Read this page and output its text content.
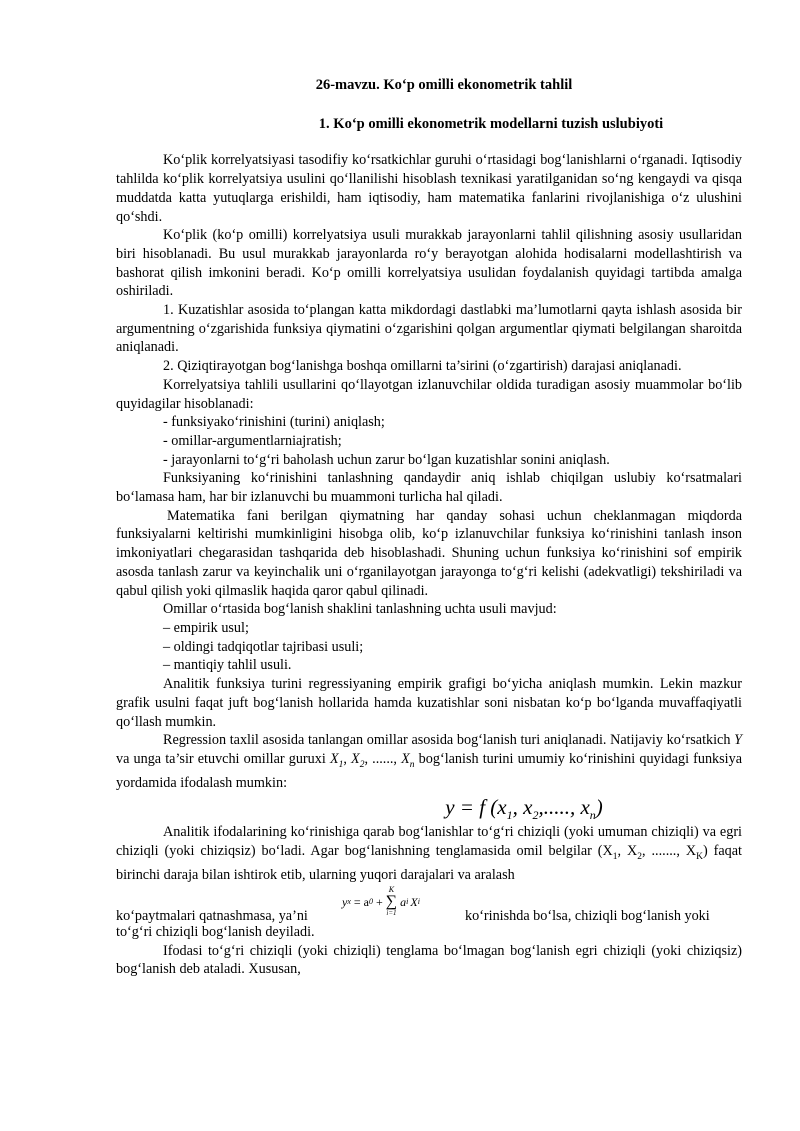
26-mavzu. Ko‘p omilli ekonometrik tahlil
1. Ko‘p omilli ekonometrik modellarni tuzish uslubiyoti

Ko‘plik korrelyatsiyasi tasodifiy ko‘rsatkichlar guruhi o‘rtasidagi bog‘lanishlarni o‘rganadi. Iqtisodiy tahlilda ko‘plik korrelyatsiya usulini qo‘llanilishi hisoblash texnikasi yaratilganidan so‘ng kengaydi va qisqa muddatda katta yutuqlarga erishildi, ham iqtisodiy, ham matematika fanlarini rivojlanishiga o‘z ulushini qo‘shdi.

Ko‘plik (ko‘p omilli) korrelyatsiya usuli murakkab jarayonlarni tahlil qilishning asosiy usullaridan biri hisoblanadi. Bu usul murakkab jarayonlarda ro‘y berayotgan alohida hodisalarni modellashtirish va bashorat qilish imkonini beradi. Ko‘p omilli korrelyatsiya usulidan foydalanish quyidagi tartibda amalga oshiriladi.

1. Kuzatishlar asosida to‘plangan katta mikdordagi dastlabki ma’lumotlarni qayta ishlash asosida bir argumentning o‘zgarishida funksiya qiymatini o‘zgarishini qolgan argumentlar qiymati belgilangan sharoitda aniqlanadi.

2. Qiziqtirayotgan bog‘lanishga boshqa omillarni ta’sirini (o‘zgartirish) darajasi aniqlanadi.

Korrelyatsiya tahlili usullarini qo‘llayotgan izlanuvchilar oldida turadigan asosiy muammolar bo‘lib quyidagilar hisoblanadi:

- funksiyako‘rinishini (turini) aniqlash;

- omillar-argumentlarniajratish;

- jarayonlarni to‘g‘ri baholash uchun zarur bo‘lgan kuzatishlar sonini aniqlash.

Funksiyaning ko‘rinishini tanlashning qandaydir aniq ishlab chiqilgan uslubiy ko‘rsatmalari bo‘lamasa ham, har bir izlanuvchi bu muammoni turlicha hal qiladi.

Matematika fani berilgan qiymatning har qanday sohasi uchun cheklanmagan miqdorda funksiyalarni keltirishi mumkinligini hisobga olib, ko‘p izlanuvchilar funksiya ko‘rinishini tanlash inson imkoniyatlari chegarasidan tashqarida deb hisoblashadi. Shuning uchun funksiya ko‘rinishini sof empirik asosda tanlash zarur va keyinchalik uni o‘rganilayotgan jarayonga to‘g‘ri kelishi (adekvatligi) tekshiriladi va qabul qilish yoki qilmaslik haqida qaror qabul qilinadi.

Omillar o‘rtasida bog‘lanish shaklini tanlashning uchta usuli mavjud:

– empirik usul;

– oldingi tadqiqotlar tajribasi usuli;

– mantiqiy tahlil usuli.

Analitik funksiya turini regressiyaning empirik grafigi bo‘yicha aniqlash mumkin. Lekin mazkur grafik usulni faqat juft bog‘lanish hollarida hamda kuzatishlar soni nisbatan ko‘p bo‘lganda muvaffaqiyatli qo‘llash mumkin.

Regression taxlil asosida tanlangan omillar asosida bog‘lanish turi aniqlanadi. Natijaviy ko‘rsatkich Y va unga ta’sir etuvchi omillar guruxi $X_1$, $X_2$, ......, $X_n$ bog‘lanish turini umumiy ko‘rinishini quyidagi funksiya yordamida ifodalash mumkin:

y = f ($x_1$, $x_2$,....., $x_n$)

Analitik ifodalarining ko‘rinishiga qarab bog‘lanishlar to‘g‘ri chiziqli (yoki umuman chiziqli) va egri chiziqli (yoki chiziqsiz) bo‘ladi. Agar bog‘lanishning tenglamasida omil belgilar ($X_1$, $X_2$, ......., $X_K$) faqat birinchi daraja bilan ishtirok etib, ularning yuqori darajalari va aralash

y x = a 0 +
K
∑
i=1
a i X i
ko‘paytmalari qatnashmasa, ya’ni	ko‘rinishda bo‘lsa, chiziqli bog‘lanish yoki

to‘g‘ri chiziqli bog‘lanish deyiladi.

Ifodasi to‘g‘ri chiziqli (yoki chiziqli) tenglama bo‘lmagan bog‘lanish egri chiziqli (yoki chiziqsiz) bog‘lanish deb ataladi. Xususan,
